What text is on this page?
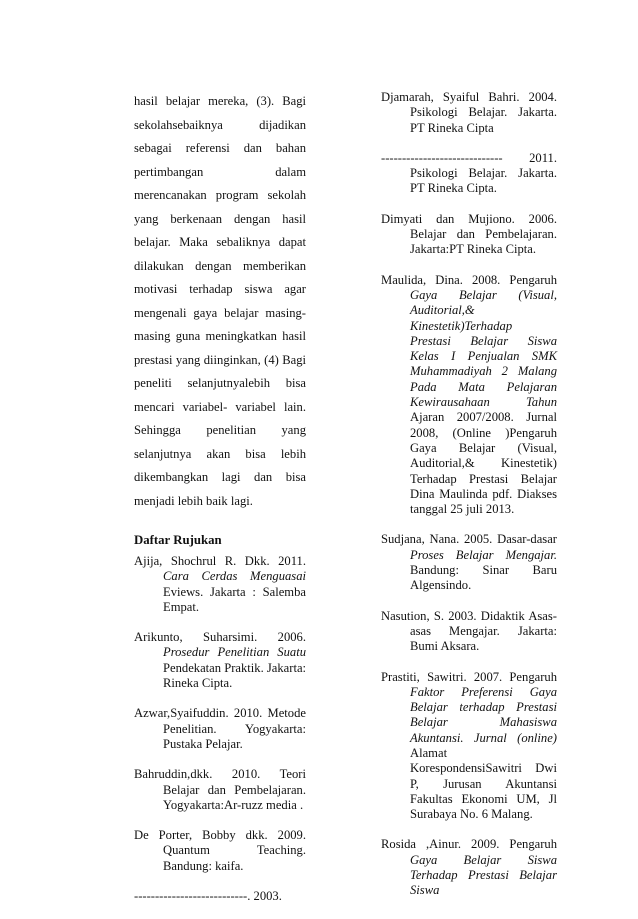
hasil belajar mereka, (3). Bagi
sekolahsebaiknya dijadikan
sebagai referensi dan bahan
pertimbangan dalam
merencanakan program sekolah
yang berkenaan dengan hasil
belajar. Maka sebaliknya dapat
dilakukan dengan memberikan
motivasi terhadap siswa agar
mengenali gaya belajar masing-
masing guna meningkatkan hasil
prestasi yang diinginkan, (4) Bagi
peneliti selanjutnyalebih bisa
mencari variabel- variabel lain.
Sehingga penelitian yang
selanjutnya akan bisa lebih
dikembangkan lagi dan bisa
menjadi lebih baik lagi.
Daftar Rujukan
Ajija, Shochrul R. Dkk. 2011.
Cara Cerdas Menguasai
Eviews. Jakarta : Salemba
Empat.
Arikunto, Suharsimi. 2006.
Prosedur Penelitian Suatu
Pendekatan Praktik. Jakarta:
Rineka Cipta.
Azwar,Syaifuddin. 2010. Metode
Penelitian. Yogyakarta:
Pustaka Pelajar.
Bahruddin,dkk. 2010. Teori
Belajar dan Pembelajaran.
Yogyakarta:Ar-ruzz media .
De Porter, Bobby dkk. 2009.
Quantum Teaching.
Bandung: kaifa.
---------------------------. 2003.
Djamarah, Syaiful Bahri. 2004.
Psikologi Belajar. Jakarta.
PT Rineka Cipta
----------------------------- 2011.
Psikologi Belajar. Jakarta.
PT Rineka Cipta.
Dimyati dan Mujiono. 2006.
Belajar dan Pembelajaran.
Jakarta:PT Rineka Cipta.
Maulida, Dina. 2008. Pengaruh
Gaya Belajar (Visual,
Auditorial,&
Kinestetik)Terhadap
Prestasi Belajar Siswa
Kelas I Penjualan SMK
Muhammadiyah 2 Malang
Pada Mata Pelajaran
Kewirausahaan Tahun
Ajaran 2007/2008. Jurnal
2008, (Online )Pengaruh
Gaya Belajar (Visual,
Auditorial,& Kinestetik)
Terhadap Prestasi Belajar
Dina Maulinda pdf. Diakses
tanggal 25 juli 2013.
Sudjana, Nana. 2005. Dasar-dasar
Proses Belajar Mengajar.
Bandung: Sinar Baru
Algensindo.
Nasution, S. 2003. Didaktik Asas-
asas Mengajar. Jakarta:
Bumi Aksara.
Prastiti, Sawitri. 2007. Pengaruh
Faktor Preferensi Gaya
Belajar terhadap Prestasi
Belajar Mahasiswa
Akuntansi. Jurnal (online)
Alamat
KorespondensiSawitri Dwi
P, Jurusan Akuntansi
Fakultas Ekonomi UM, Jl
Surabaya No. 6 Malang.
Rosida ,Ainur. 2009. Pengaruh
Gaya Belajar Siswa
Terhadap Prestasi Belajar
Siswa
